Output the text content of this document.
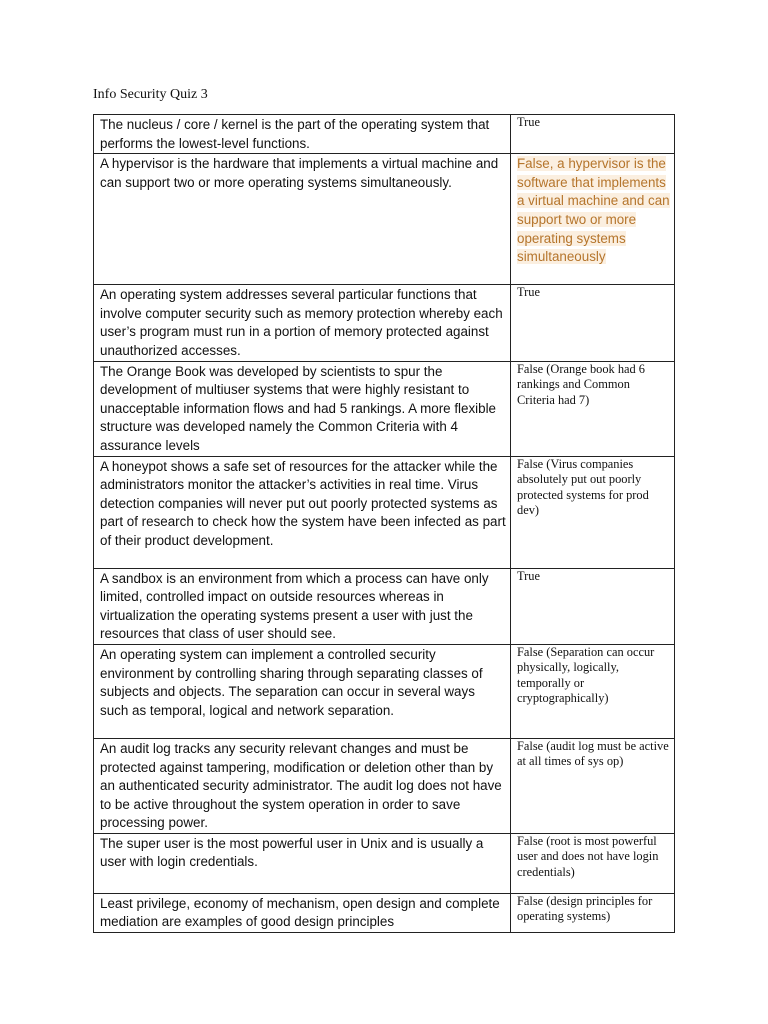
Info Security Quiz 3
The nucleus / core / kernel is the part of the operating system that performs the lowest-level functions.	True
A hypervisor is the hardware that implements a virtual machine and can support two or more operating systems simultaneously.	False, a hypervisor is the software that implements a virtual machine and can support two or more operating systems simultaneously
An operating system addresses several particular functions that involve computer security such as memory protection whereby each user’s program must run in a portion of memory protected against unauthorized accesses.	True
The Orange Book was developed by scientists to spur the development of multiuser systems that were highly resistant to unacceptable information flows and had 5 rankings. A more flexible structure was developed namely the Common Criteria with 4 assurance levels	False (Orange book had 6 rankings and Common Criteria had 7)
A honeypot shows a safe set of resources for the attacker while the administrators monitor the attacker’s activities in real time. Virus detection companies will never put out poorly protected systems as part of research to check how the system have been infected as part of their product development.	False (Virus companies absolutely put out poorly protected systems for prod dev)
A sandbox is an environment from which a process can have only limited, controlled impact on outside resources whereas in virtualization the operating systems present a user with just the resources that class of user should see.	True
An operating system can implement a controlled security environment by controlling sharing through separating classes of subjects and objects. The separation can occur in several ways such as temporal, logical and network separation.	False (Separation can occur physically, logically, temporally or cryptographically)
An audit log tracks any security relevant changes and must be protected against tampering, modification or deletion other than by an authenticated security administrator. The audit log does not have to be active throughout the system operation in order to save processing power.	False (audit log must be active at all times of sys op)
The super user is the most powerful user in Unix and is usually a user with login credentials.	False (root is most powerful user and does not have login credentials)
Least privilege, economy of mechanism, open design and complete mediation are examples of good design principles	False (design principles for operating systems)
